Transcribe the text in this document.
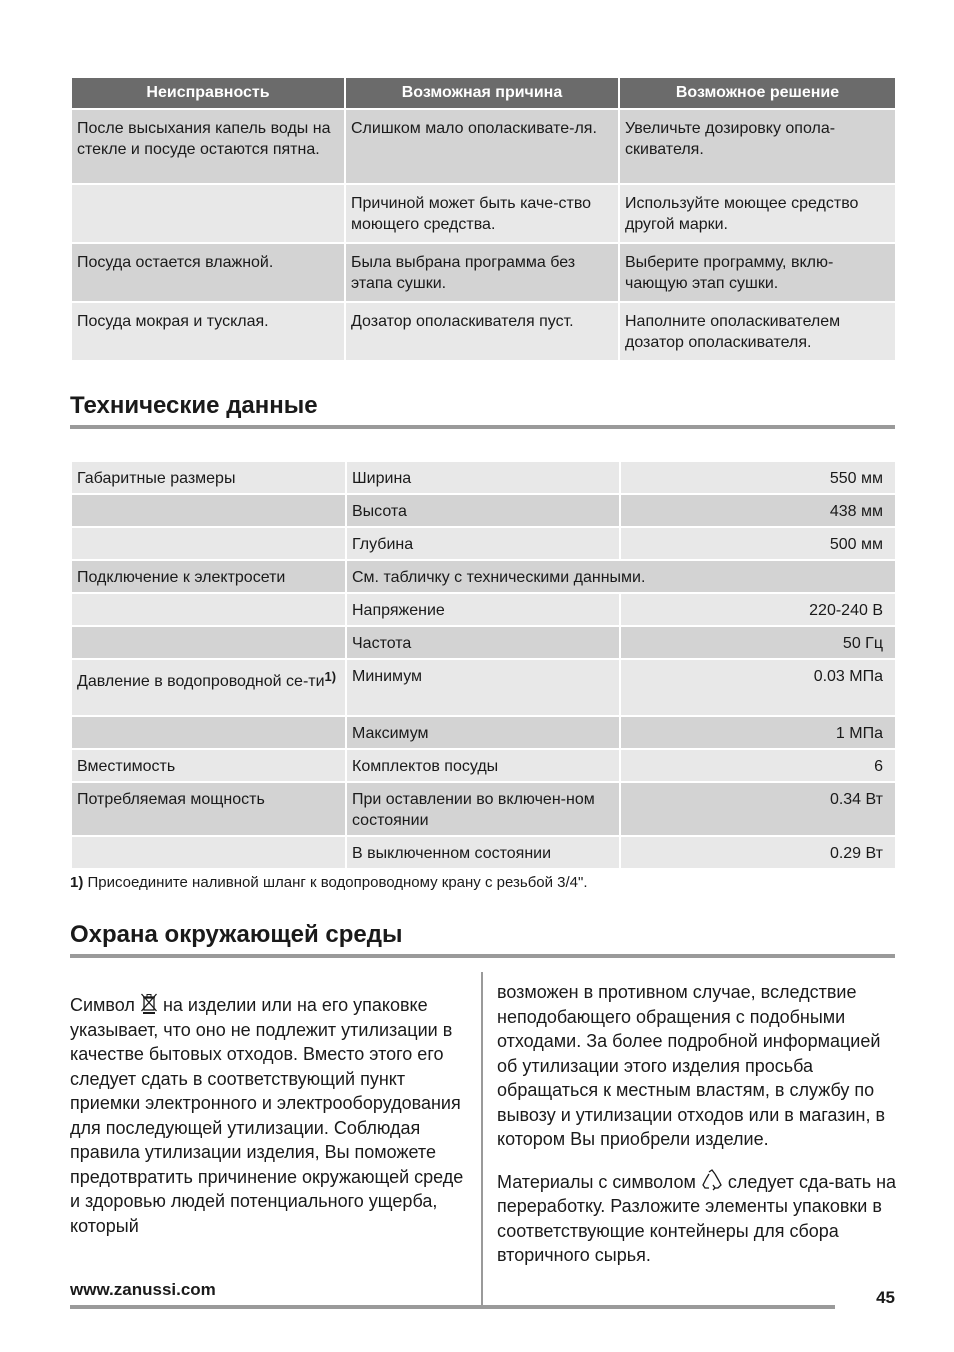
Неисправность	Возможная причина	Возможное решение
После высыхания капель воды на стекле и посуде остаются пятна.	Слишком мало ополаскивате-ля.	Увеличьте дозировку опола-скивателя.
	Причиной может быть каче-ство моющего средства.	Используйте моющее средство другой марки.
Посуда остается влажной.	Была выбрана программа без этапа сушки.	Выберите программу, вклю-чающую этап сушки.
Посуда мокрая и тусклая.	Дозатор ополаскивателя пуст.	Наполните ополаскивателем дозатор ополаскивателя.
Технические данные
Габаритные размеры	Ширина	550 мм
	Высота	438 мм
	Глубина	500 мм
Подключение к электросети	См. табличку с техническими данными.	
	Напряжение	220-240 В
	Частота	50 Гц
Давление в водопроводной се-ти$^{1)}$	Минимум	0.03 МПа
	Максимум	1 МПа
Вместимость	Комплектов посуды	6
Потребляемая мощность	При оставлении во включен-ном состоянии	0.34 Вт
	В выключенном состоянии	0.29 Вт
1) Присоедините наливной шланг к водопроводному крану с резьбой 3/4".
Охрана окружающей среды

Символ на изделии или на его упаковке указывает, что оно не подлежит утилизации в качестве бытовых отходов. Вместо этого его следует сдать в соответствующий пункт приемки электронного и электрооборудования для последующей утилизации. Соблюдая правила утилизации изделия, Вы поможете предотвратить причинение окружающей среде и здоровью людей потенциального ущерба, который

возможен в противном случае, вследствие неподобающего обращения с подобными отходами. За более подробной информацией об утилизации этого изделия просьба обращаться к местным властям, в службу по вывозу и утилизации отходов или в магазин, в котором Вы приобрели изделие.

Материалы с символом следует сда-вать на переработку. Разложите элементы упаковки в соответствующие контейнеры для сбора вторичного сырья.

www.zanussi.com	45
